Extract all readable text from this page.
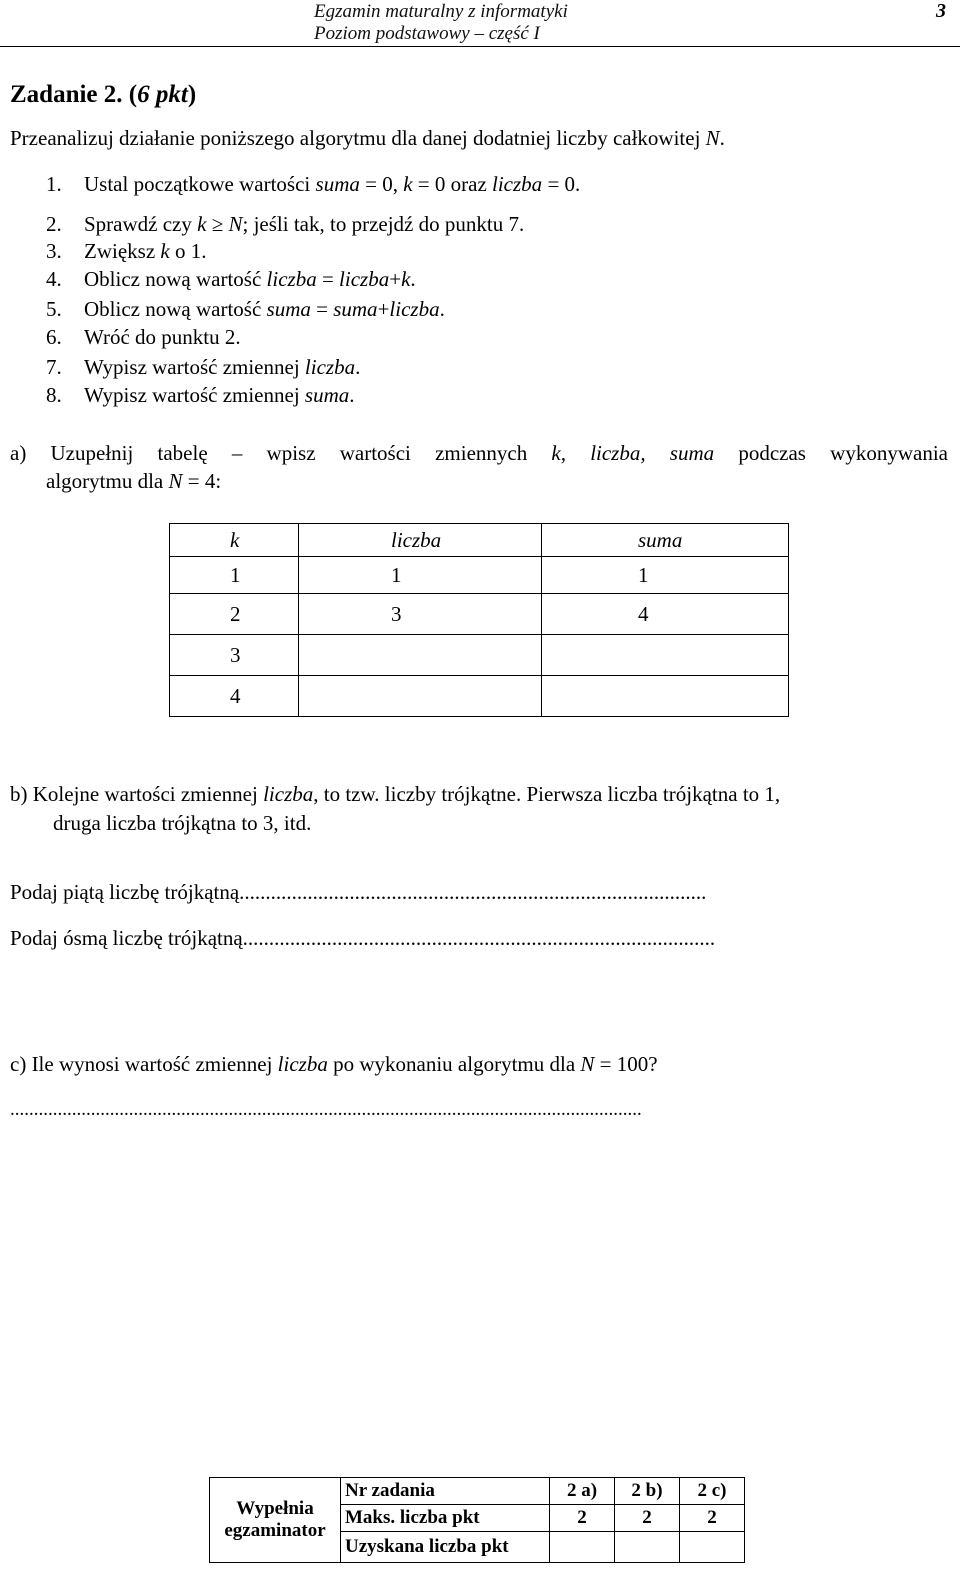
Egzamin maturalny z informatyki
Poziom podstawowy – część I
3
Zadanie 2. (6 pkt)
Przeanalizuj działanie poniższego algorytmu dla danej dodatniej liczby całkowitej N.
1. Ustal początkowe wartości suma = 0, k = 0 oraz liczba = 0.
2. Sprawdź czy k ≥ N; jeśli tak, to przejdź do punktu 7.
3. Zwiększ k o 1.
4. Oblicz nową wartość liczba = liczba+k.
5. Oblicz nową wartość suma = suma+liczba.
6. Wróć do punktu 2.
7. Wypisz wartość zmiennej liczba.
8. Wypisz wartość zmiennej suma.
a) Uzupełnij tabelę – wpisz wartości zmiennych k, liczba, suma podczas wykonywania
algorytmu dla N = 4:
k	liczba	suma
1	1	1
2	3	4
3		
4		
b) Kolejne wartości zmiennej liczba, to tzw. liczby trójkątne. Pierwsza liczba trójkątna to 1,
druga liczba trójkątna to 3, itd.
Podaj piątą liczbę trójkątną.........................................................................................
Podaj ósmą liczbę trójkątną..........................................................................................
c) Ile wynosi wartość zmiennej liczba po wykonaniu algorytmu dla N = 100?
.....................................................................................................................................
Wypełnia
egzaminator	Nr zadania	2 a)	2 b)	2 c)
	Maks. liczba pkt	2	2	2
	Uzyskana liczba pkt			
